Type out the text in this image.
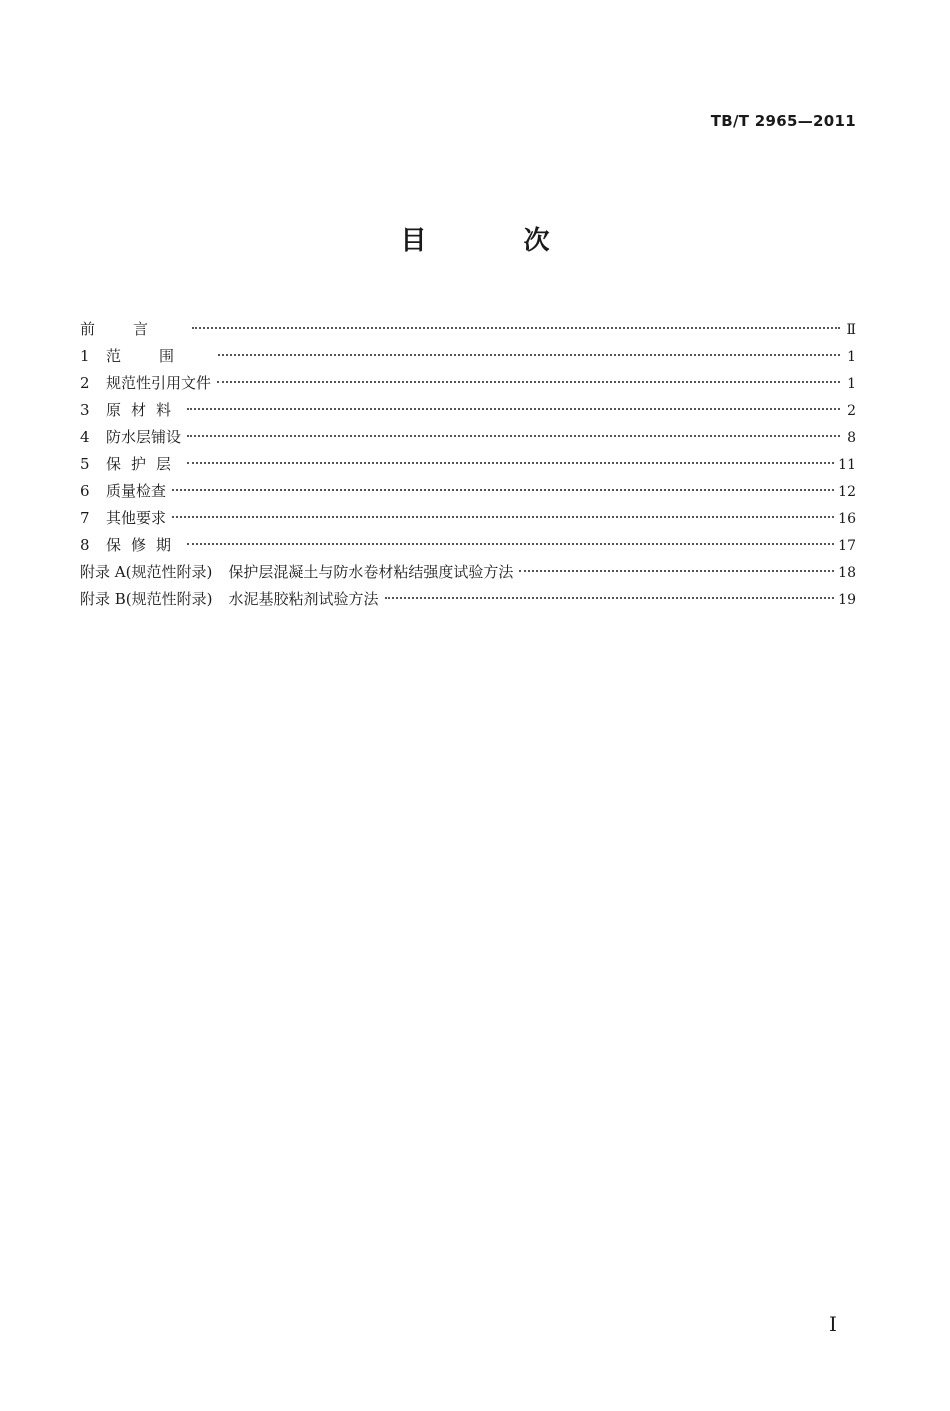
TB/T 2965—2011
目 次
前言	Ⅱ
1	范围	1
2	规范性引用文件	1
3	原材料	2
4	防水层铺设	8
5	保护层	11
6	质量检查	12
7	其他要求	16
8	保修期	17
附录 A(规范性附录) 保护层混凝土与防水卷材粘结强度试验方法	18
附录 B(规范性附录) 水泥基胶粘剂试验方法	19
I
